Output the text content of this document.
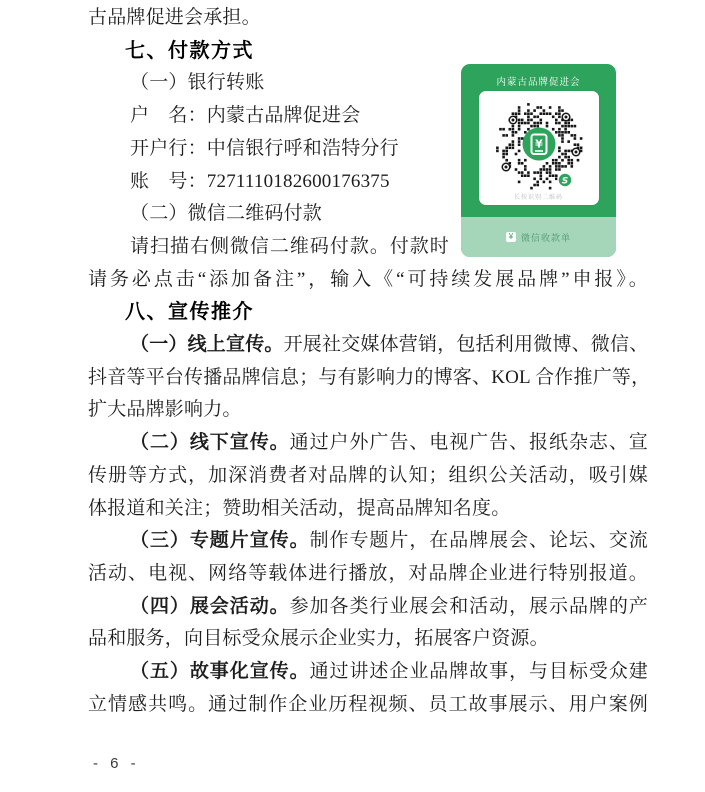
古品牌促进会承担。

七、付款方式

内蒙古品牌促进会
¥
S
长按识别二维码
¥ 微信收款单

（一）银行转账

户　名：内蒙古品牌促进会

开户行：中信银行呼和浩特分行

账　号：7271110182600176375

（二）微信二维码付款

请扫描右侧微信二维码付款。付款时

请务必点击“添加备注”，输入《“可持续发展品牌”申报》。

八、宣传推介

（一）线上宣传。开展社交媒体营销，包括利用微博、微信、

抖音等平台传播品牌信息；与有影响力的博客、KOL 合作推广等，

扩大品牌影响力。

（二）线下宣传。通过户外广告、电视广告、报纸杂志、宣

传册等方式，加深消费者对品牌的认知；组织公关活动，吸引媒

体报道和关注；赞助相关活动，提高品牌知名度。

（三）专题片宣传。制作专题片，在品牌展会、论坛、交流

活动、电视、网络等载体进行播放，对品牌企业进行特别报道。

（四）展会活动。参加各类行业展会和活动，展示品牌的产

品和服务，向目标受众展示企业实力，拓展客户资源。

（五）故事化宣传。通过讲述企业品牌故事，与目标受众建

立情感共鸣。通过制作企业历程视频、员工故事展示、用户案例

- 6 -
